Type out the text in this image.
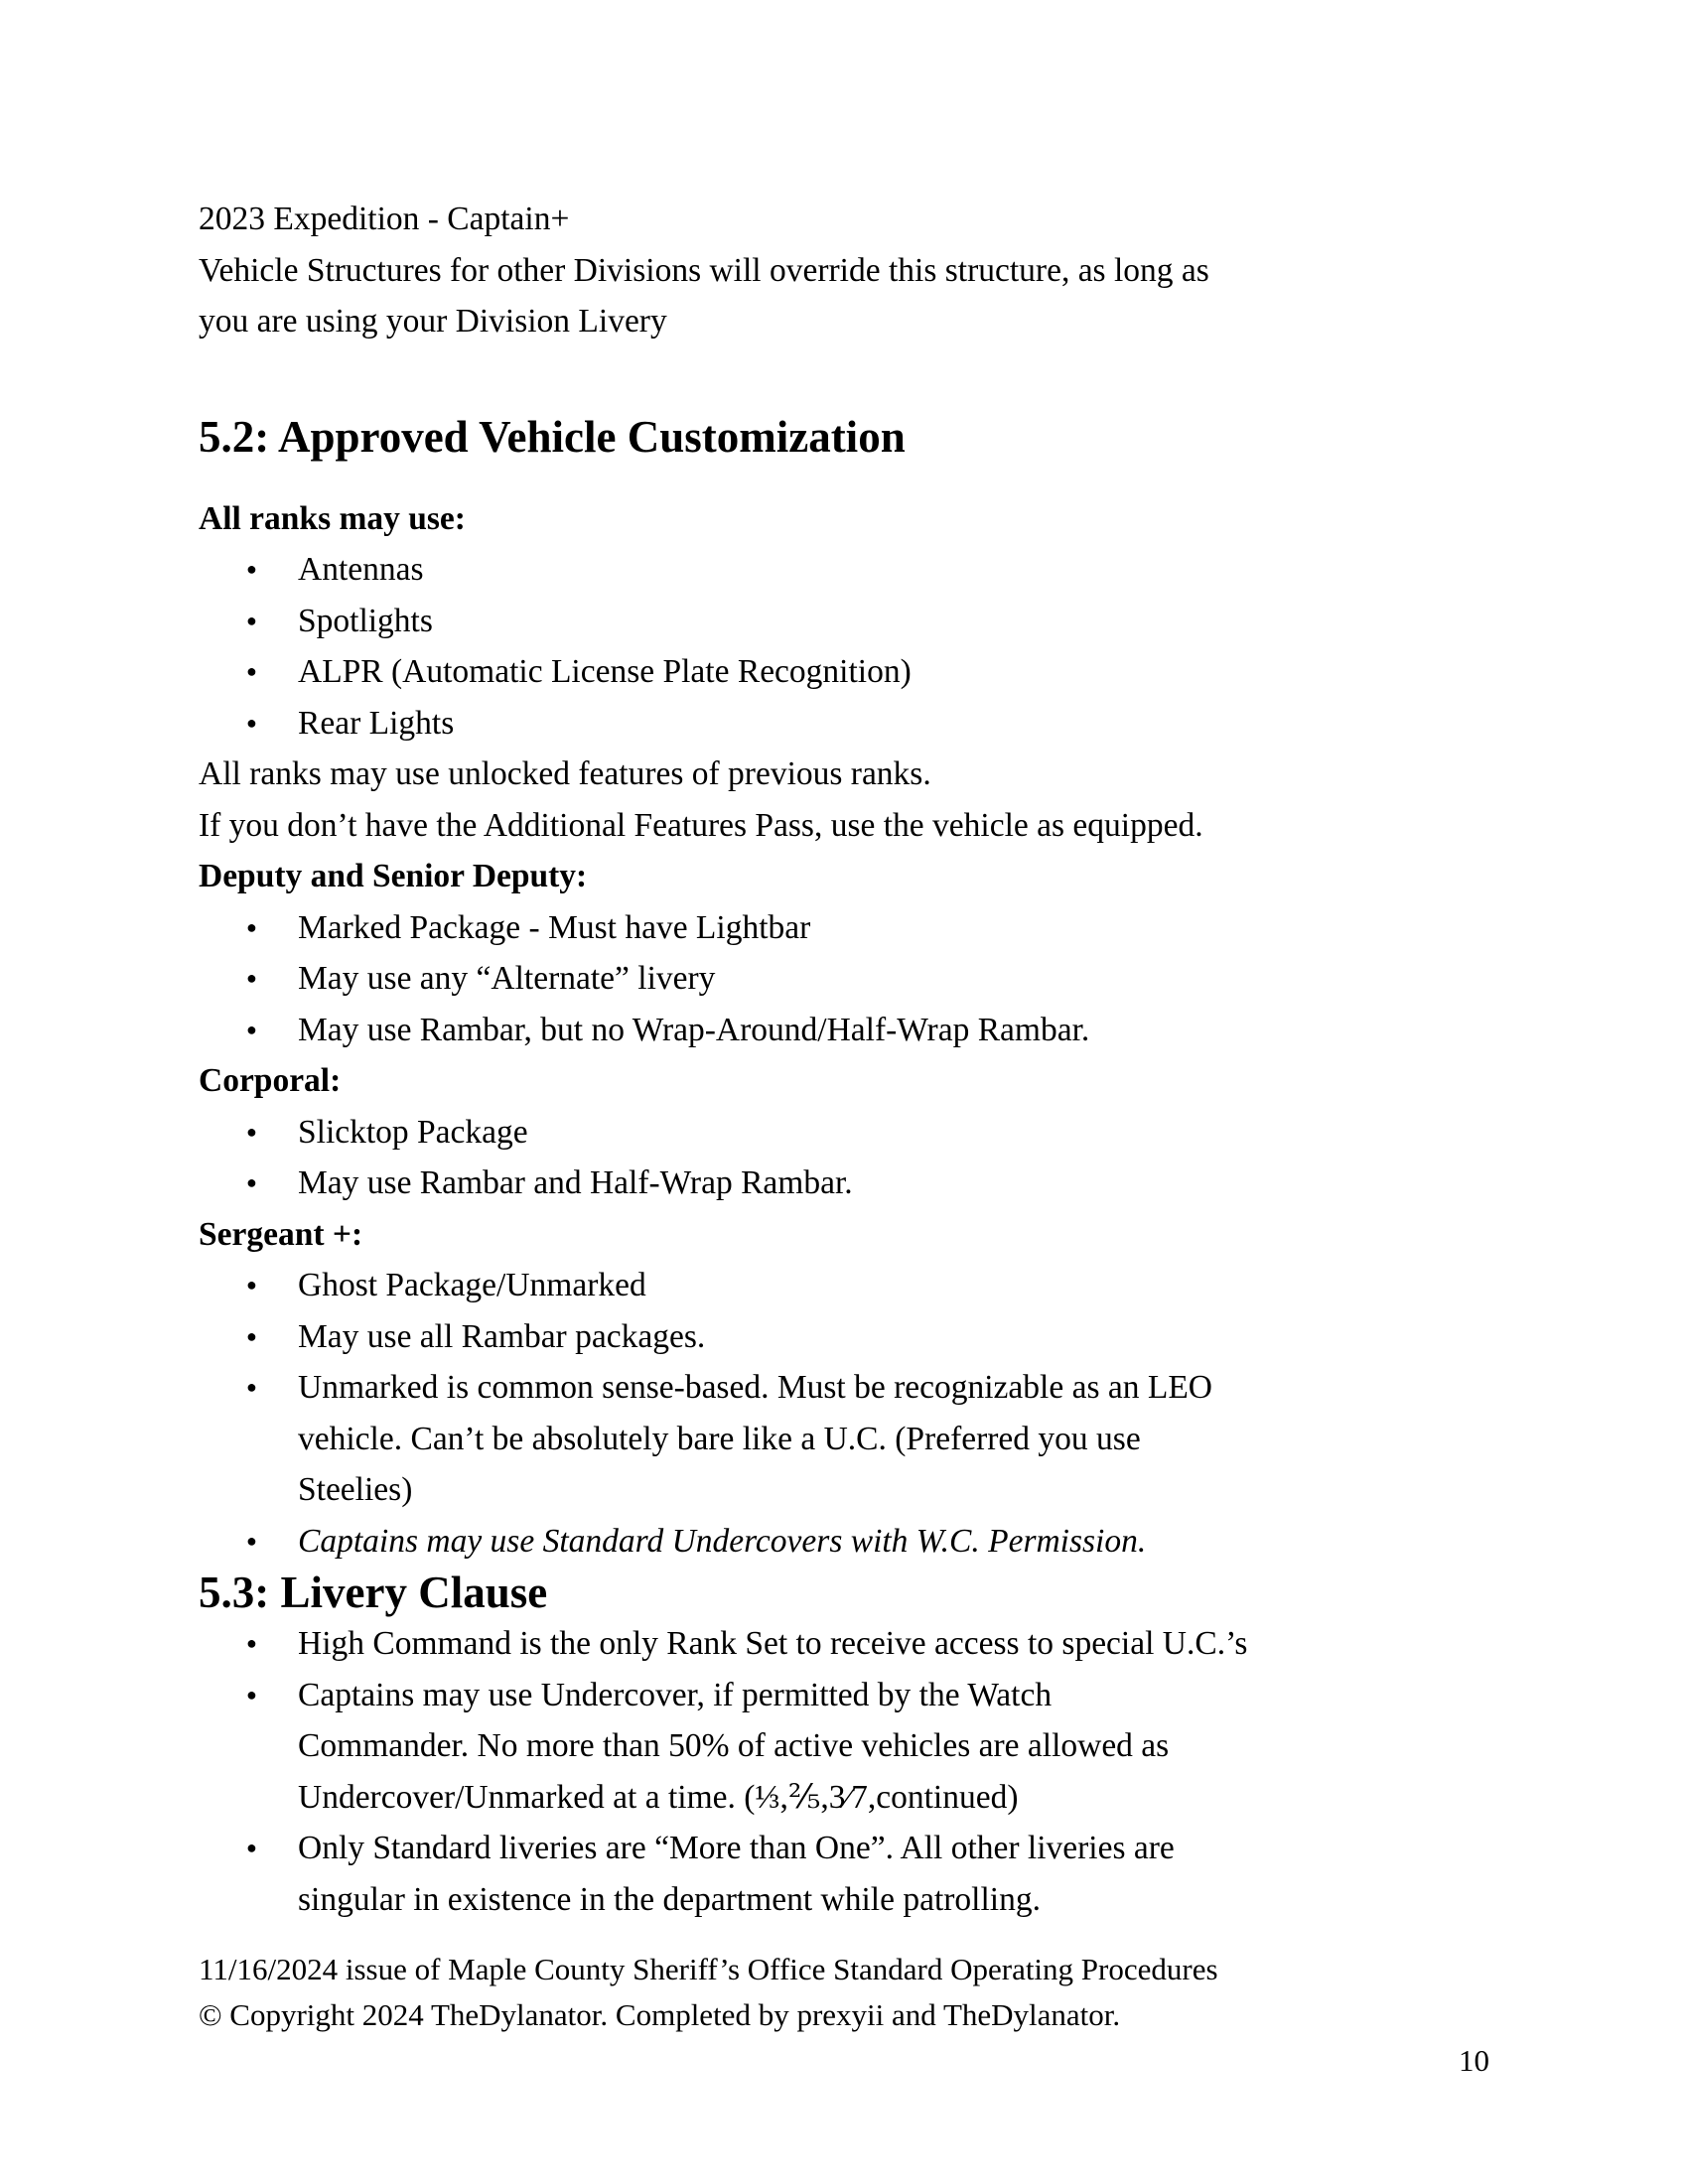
2023 Expedition - Captain+

Vehicle Structures for other Divisions will override this structure, as long as

you are using your Division Livery

5.2: Approved Vehicle Customization

All ranks may use:

● Antennas
● Spotlights
● ALPR (Automatic License Plate Recognition)
● Rear Lights

All ranks may use unlocked features of previous ranks.

If you don’t have the Additional Features Pass, use the vehicle as equipped.

Deputy and Senior Deputy:

● Marked Package - Must have Lightbar
● May use any “Alternate” livery
● May use Rambar, but no Wrap-Around/Half-Wrap Rambar.

Corporal:

● Slicktop Package
● May use Rambar and Half-Wrap Rambar.

Sergeant +:

● Ghost Package/Unmarked
● May use all Rambar packages.
● Unmarked is common sense-based. Must be recognizable as an LEO
vehicle. Can’t be absolutely bare like a U.C. (Preferred you use
Steelies)
● Captains may use Standard Undercovers with W.C. Permission.
5.3: Livery Clause
● High Command is the only Rank Set to receive access to special U.C.’s
● Captains may use Undercover, if permitted by the Watch
Commander. No more than 50% of active vehicles are allowed as
Undercover/Unmarked at a time. (⅓,⅖,3⁄7,continued)
● Only Standard liveries are “More than One”. All other liveries are
singular in existence in the department while patrolling.

11/16/2024 issue of Maple County Sheriff’s Office Standard Operating Procedures

© Copyright 2024 TheDylanator. Completed by prexyii and TheDylanator.

10
